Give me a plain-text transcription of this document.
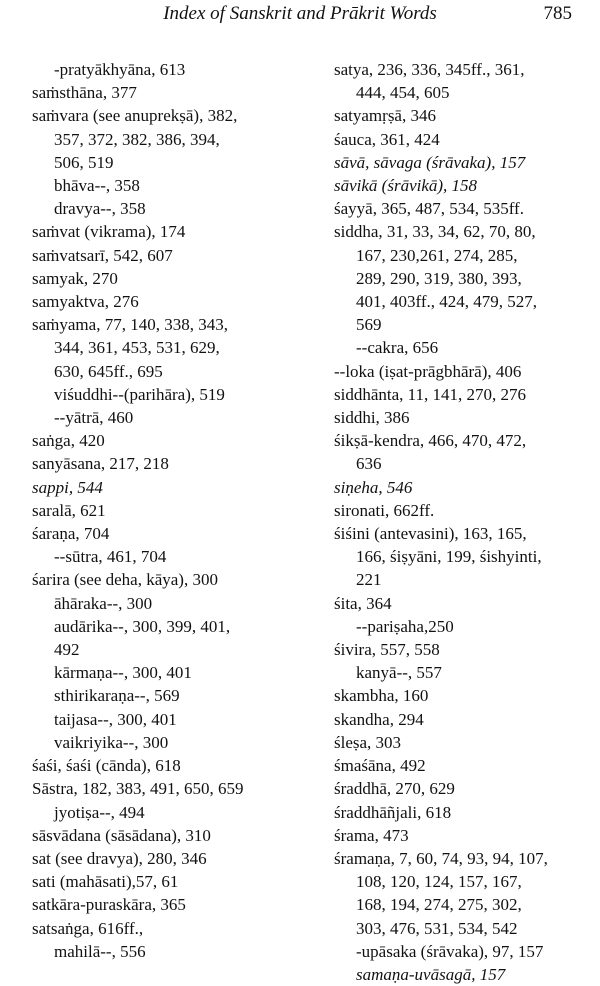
Index of Sanskrit and Prākrit Words	785
-pratyākhyāna, 613
saṁsthāna, 377
saṁvara (see anuprekṣā), 382,
357, 372, 382, 386, 394,
506, 519
bhāva--, 358
dravya--, 358
saṁvat (vikrama), 174
saṁvatsarī, 542, 607
samyak, 270
samyaktva, 276
saṁyama, 77, 140, 338, 343,
344, 361, 453, 531, 629,
630, 645ff., 695
viśuddhi--(parihāra), 519
--yātrā, 460
saṅga, 420
sanyāsana, 217, 218
sappi, 544
saralā, 621
śaraṇa, 704
--sūtra, 461, 704
śarira (see deha, kāya), 300
āhāraka--, 300
audārika--, 300, 399, 401,
492
kārmaṇa--, 300, 401
sthirikaraṇa--, 569
taijasa--, 300, 401
vaikriyika--, 300
śaśi, śaśi (cānda), 618
Sāstra, 182, 383, 491, 650, 659
jyotiṣa--, 494
sāsvādana (sāsādana), 310
sat (see dravya), 280, 346
sati (mahāsati),57, 61
satkāra-puraskāra, 365
satsaṅga, 616ff.,
mahilā--, 556
satya, 236, 336, 345ff., 361,
444, 454, 605
satyamṛṣā, 346
śauca, 361, 424
sāvā, sāvaga (śrāvaka), 157
sāvikā (śrāvikā), 158
śayyā, 365, 487, 534, 535ff.
siddha, 31, 33, 34, 62, 70, 80,
167, 230,261, 274, 285,
289, 290, 319, 380, 393,
401, 403ff., 424, 479, 527,
569
--cakra, 656
--loka (iṣat-prāgbhārā), 406
siddhānta, 11, 141, 270, 276
siddhi, 386
śikṣā-kendra, 466, 470, 472,
636
siṇeha, 546
sironati, 662ff.
śiśini (antevasini), 163, 165,
166, śiṣyāni, 199, śishyinti,
221
śita, 364
--pariṣaha,250
śivira, 557, 558
kanyā--, 557
skambha, 160
skandha, 294
śleṣa, 303
śmaśāna, 492
śraddhā, 270, 629
śraddhāñjali, 618
śrama, 473
śramaṇa, 7, 60, 74, 93, 94, 107,
108, 120, 124, 157, 167,
168, 194, 274, 275, 302,
303, 476, 531, 534, 542
-upāsaka (śrāvaka), 97, 157
samaṇa-uvāsagā, 157
